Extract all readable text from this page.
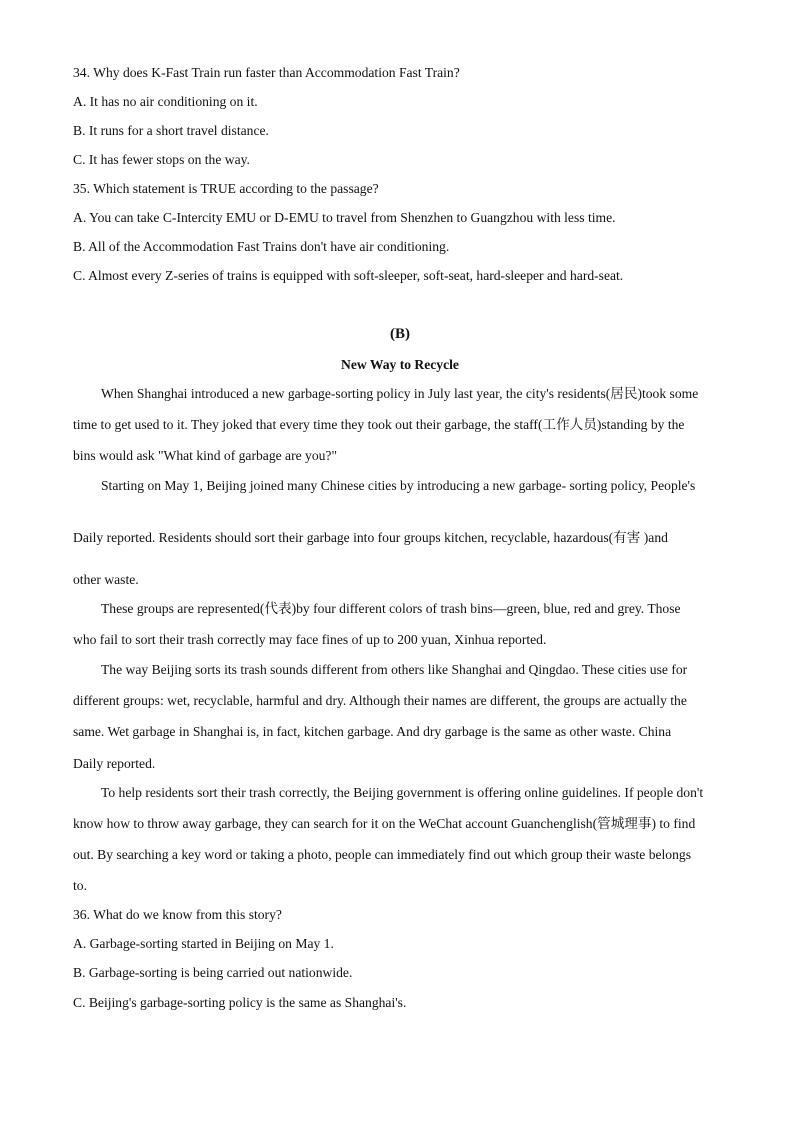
34. Why does K-Fast Train run faster than Accommodation Fast Train?
A. It has no air conditioning on it.
B. It runs for a short travel distance.
C. It has fewer stops on the way.
35. Which statement is TRUE according to the passage?
A. You can take C-Intercity EMU or D-EMU to travel from Shenzhen to Guangzhou with less time.
B. All of the Accommodation Fast Trains don't have air conditioning.
C. Almost every Z-series of trains is equipped with soft-sleeper, soft-seat, hard-sleeper and hard-seat.
(B)
New Way to Recycle
When Shanghai introduced a new garbage-sorting policy in July last year, the city's residents(居民)took some
time to get used to it. They joked that every time they took out their garbage, the staff(工作人员)standing by the
bins would ask "What kind of garbage are you?"
Starting on May 1, Beijing joined many Chinese cities by introducing a new garbage- sorting policy, People's
Daily reported. Residents should sort their garbage into four groups kitchen, recyclable, hazardous(有害 )and
other waste.
These groups are represented(代表)by four different colors of trash bins—green, blue, red and grey. Those
who fail to sort their trash correctly may face fines of up to 200 yuan, Xinhua reported.
The way Beijing sorts its trash sounds different from others like Shanghai and Qingdao. These cities use for
different groups: wet, recyclable, harmful and dry. Although their names are different, the groups are actually the
same. Wet garbage in Shanghai is, in fact, kitchen garbage. And dry garbage is the same as other waste. China
Daily reported.
To help residents sort their trash correctly, the Beijing government is offering online guidelines. If people don't
know how to throw away garbage, they can search for it on the WeChat account Guanchenglish(管城理事) to find
out. By searching a key word or taking a photo, people can immediately find out which group their waste belongs
to.
36. What do we know from this story?
A. Garbage-sorting started in Beijing on May 1.
B. Garbage-sorting is being carried out nationwide.
C. Beijing's garbage-sorting policy is the same as Shanghai's.
